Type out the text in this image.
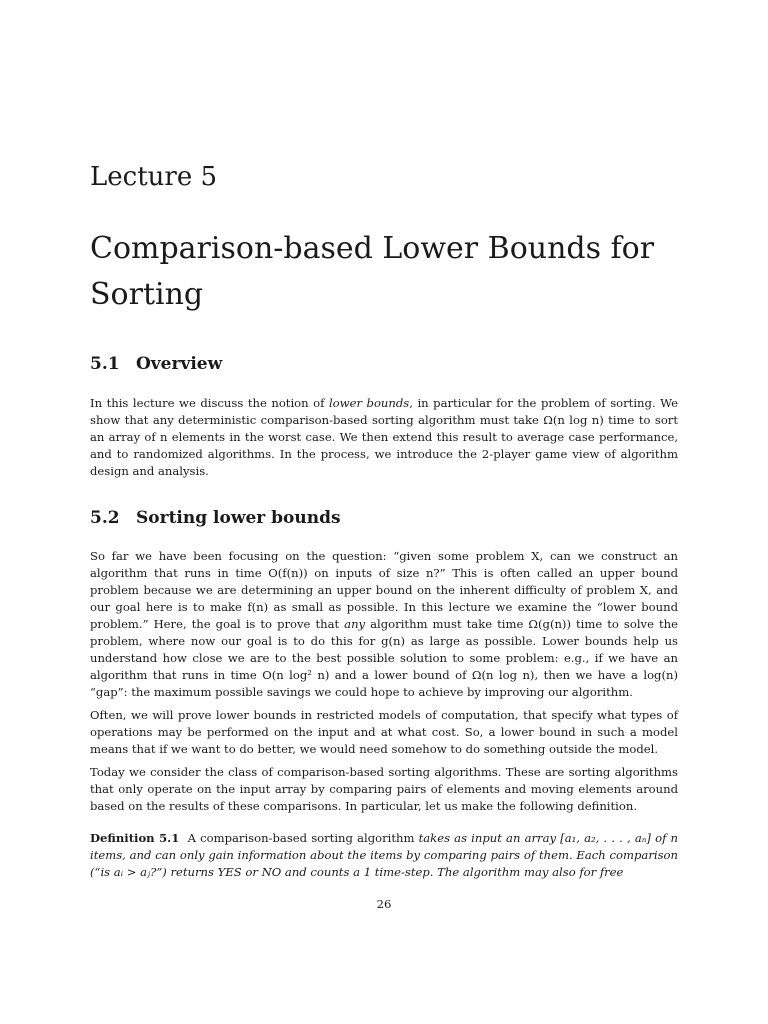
Lecture 5
Comparison-based Lower Bounds for Sorting
5.1 Overview

In this lecture we discuss the notion of lower bounds, in particular for the problem of sorting. We show that any deterministic comparison-based sorting algorithm must take Ω(n log n) time to sort an array of n elements in the worst case. We then extend this result to average case performance, and to randomized algorithms. In the process, we introduce the 2-player game view of algorithm design and analysis.

5.2 Sorting lower bounds

So far we have been focusing on the question: “given some problem X, can we construct an algorithm that runs in time O(f(n)) on inputs of size n?” This is often called an upper bound problem because we are determining an upper bound on the inherent difficulty of problem X, and our goal here is to make f(n) as small as possible. In this lecture we examine the “lower bound problem.” Here, the goal is to prove that any algorithm must take time Ω(g(n)) time to solve the problem, where now our goal is to do this for g(n) as large as possible. Lower bounds help us understand how close we are to the best possible solution to some problem: e.g., if we have an algorithm that runs in time O(n log² n) and a lower bound of Ω(n log n), then we have a log(n) “gap”: the maximum possible savings we could hope to achieve by improving our algorithm.

Often, we will prove lower bounds in restricted models of computation, that specify what types of operations may be performed on the input and at what cost. So, a lower bound in such a model means that if we want to do better, we would need somehow to do something outside the model.

Today we consider the class of comparison-based sorting algorithms. These are sorting algorithms that only operate on the input array by comparing pairs of elements and moving elements around based on the results of these comparisons. In particular, let us make the following definition.

Definition 5.1 A comparison-based sorting algorithm takes as input an array [a₁, a₂, . . . , aₙ] of n items, and can only gain information about the items by comparing pairs of them. Each comparison (“is aᵢ > aⱼ?”) returns YES or NO and counts a 1 time-step. The algorithm may also for free

26
